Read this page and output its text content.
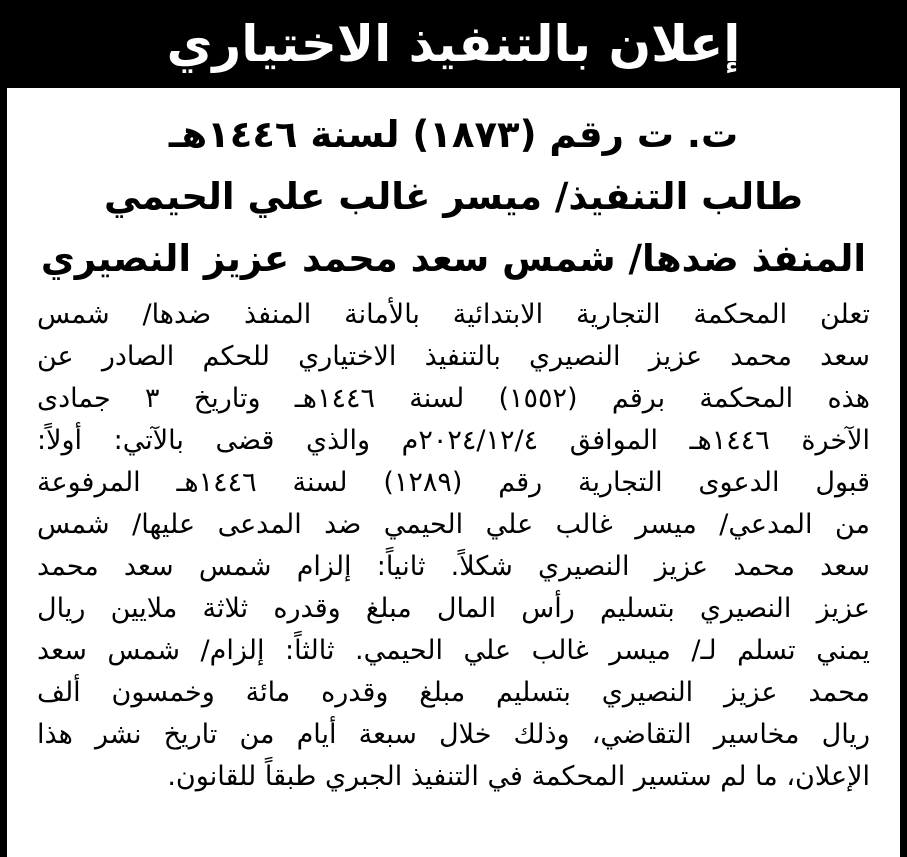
إعلان بالتنفيذ الاختياري
ت. ت رقم (١٨٧٣) لسنة ١٤٤٦هـ
طالب التنفيذ/ ميسر غالب علي الحيمي
المنفذ ضدها/ شمس سعد محمد عزيز النصيري
تعلن المحكمة التجارية الابتدائية بالأمانة المنفذ ضدها/ شمس
سعد محمد عزيز النصيري بالتنفيذ الاختياري للحكم الصادر عن
هذه المحكمة برقم (١٥٥٢) لسنة ١٤٤٦هـ وتاريخ ٣ جمادى
الآخرة ١٤٤٦هـ الموافق ٢٠٢٤/١٢/٤م والذي قضى بالآتي: أولاً:
قبول الدعوى التجارية رقم (١٢٨٩) لسنة ١٤٤٦هـ المرفوعة
من المدعي/ ميسر غالب علي الحيمي ضد المدعى عليها/ شمس
سعد محمد عزيز النصيري شكلاً. ثانياً: إلزام شمس سعد محمد
عزيز النصيري بتسليم رأس المال مبلغ وقدره ثلاثة ملايين ريال
يمني تسلم لـ/ ميسر غالب علي الحيمي. ثالثاً: إلزام/ شمس سعد
محمد عزيز النصيري بتسليم مبلغ وقدره مائة وخمسون ألف
ريال مخاسير التقاضي، وذلك خلال سبعة أيام من تاريخ نشر هذا
الإعلان، ما لم ستسير المحكمة في التنفيذ الجبري طبقاً للقانون.
